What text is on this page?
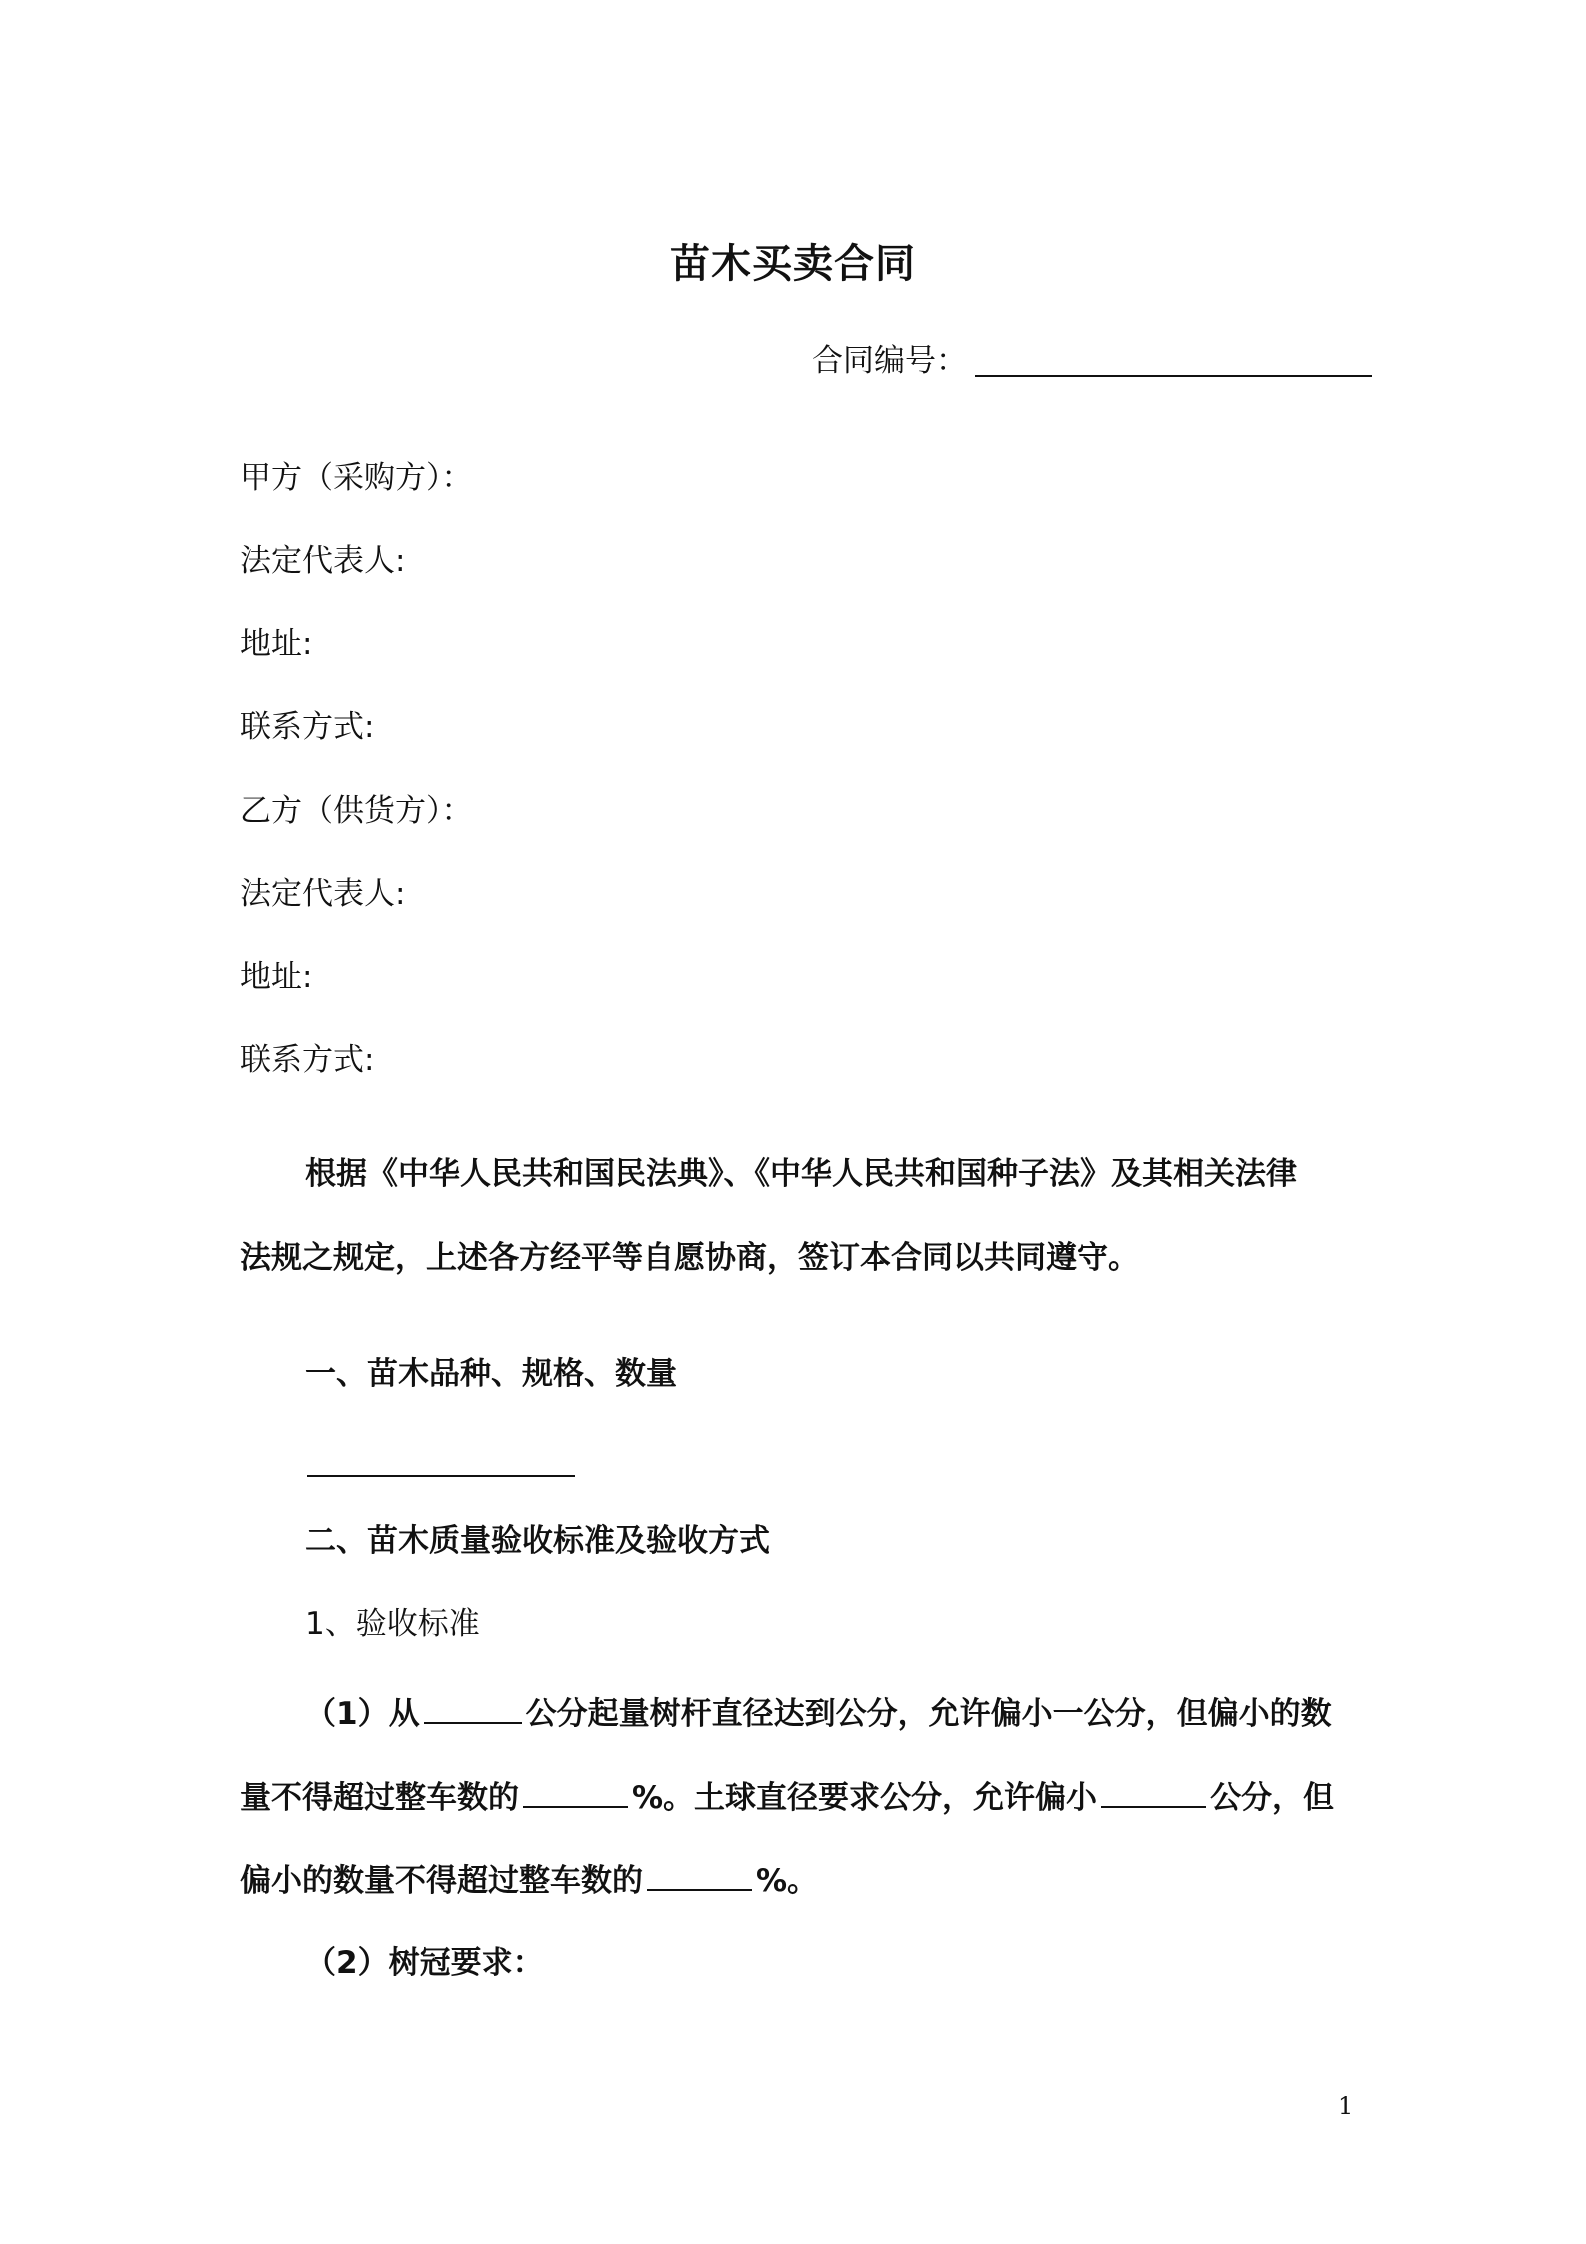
苗木买卖合同
合同编号：
甲方（采购方）：
法定代表人:
地址:
联系方式:
乙方（供货方）：
法定代表人:
地址:
联系方式:
根据《中华人民共和国民法典》、《中华人民共和国种子法》及其相关法律
法规之规定，上述各方经平等自愿协商，签订本合同以共同遵守。
一、苗木品种、规格、数量
二、苗木质量验收标准及验收方式
1、验收标准
（1）从	公分起量树杆直径达到公分，允许偏小一公分，但偏小的数
量不得超过整车数的	%。土球直径要求公分，允许偏小	公分，但
偏小的数量不得超过整车数的	%。
（2）树冠要求：
1
